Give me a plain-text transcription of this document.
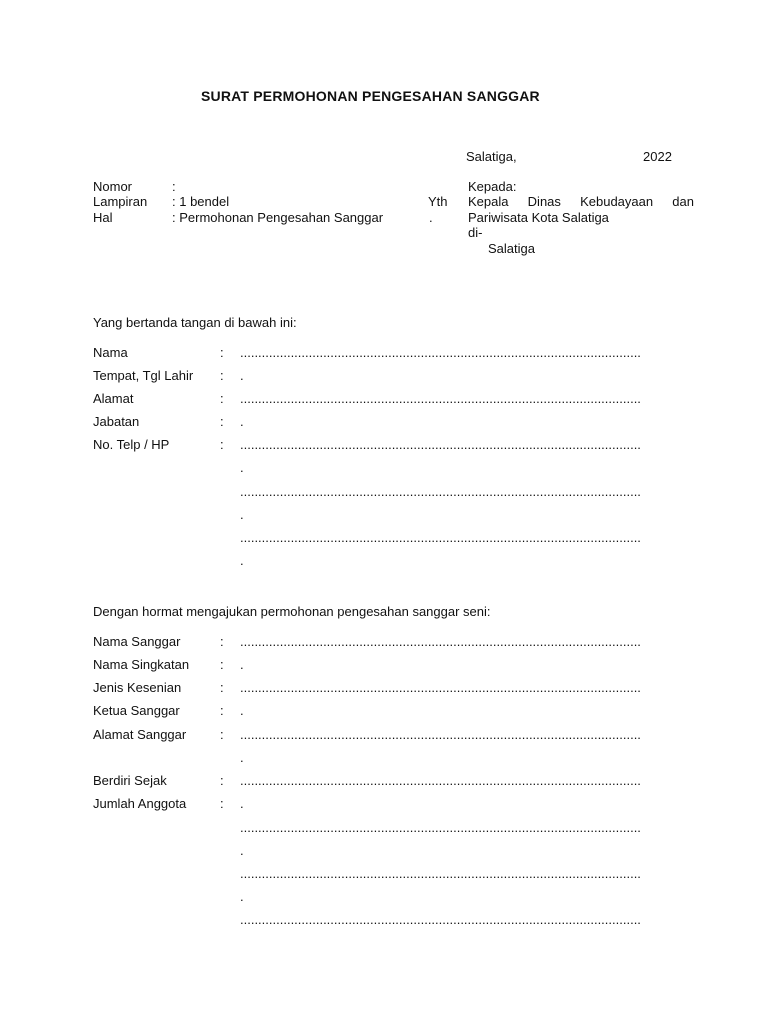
SURAT PERMOHONAN PENGESAHAN SANGGAR
Salatiga,	2022
Nomor	:
Lampiran : 1 bendel
Hal	: Permohonan Pengesahan Sanggar
Yth
.
Kepada:
Kepala Dinas Kebudayaan dan
Pariwisata Kota Salatiga
di-
Salatiga
Yang bertanda tangan di bawah ini:
Nama	: ...............................................................................................................
Tempat, Tgl Lahir : .
Alamat	: ...............................................................................................................
Jabatan	: .
No. Telp / HP	: ...............................................................................................................
.
...............................................................................................................
.
...............................................................................................................
.
Dengan hormat mengajukan permohonan pengesahan sanggar seni:
Nama Sanggar	: ...............................................................................................................
Nama Singkatan : .
Jenis Kesenian	: ...............................................................................................................
Ketua Sanggar	: .
Alamat Sanggar	: ...............................................................................................................
.
Berdiri Sejak	: ...............................................................................................................
Jumlah Anggota	: .
...............................................................................................................
.
...............................................................................................................
.
...............................................................................................................
